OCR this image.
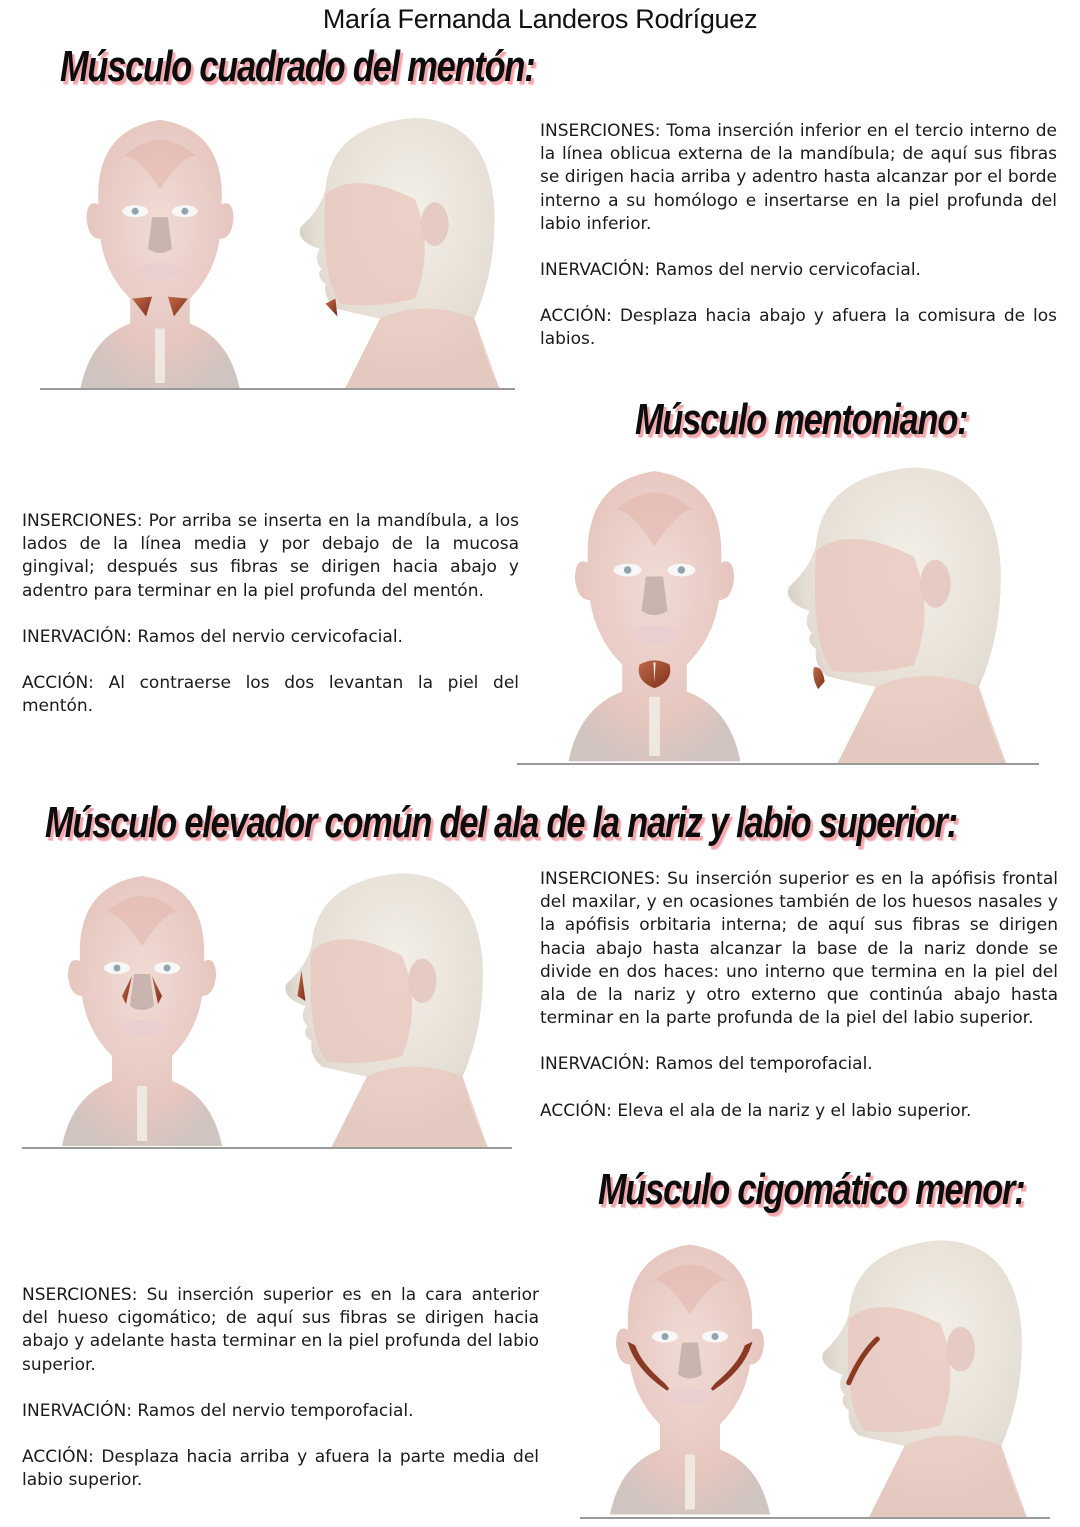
María Fernanda Landeros Rodríguez
Músculo cuadrado del mentón:

INSERCIONES: Toma inserción inferior en el tercio interno de la línea oblicua externa de la mandíbula; de aquí sus fibras se dirigen hacia arriba y adentro hasta alcanzar por el borde interno a su homólogo e insertarse en la piel profunda del labio inferior.

INERVACIÓN: Ramos del nervio cervicofacial.

ACCIÓN: Desplaza hacia abajo y afuera la comisura de los labios.

Músculo mentoniano:

INSERCIONES: Por arriba se inserta en la mandíbula, a los lados de la línea media y por debajo de la mucosa gingival; después sus fibras se dirigen hacia abajo y adentro para terminar en la piel profunda del mentón.

INERVACIÓN: Ramos del nervio cervicofacial.

ACCIÓN: Al contraerse los dos levantan la piel del mentón.

Músculo elevador común del ala de la nariz y labio superior:

INSERCIONES: Su inserción superior es en la apófisis frontal del maxilar, y en ocasiones también de los huesos nasales y la apófisis orbitaria interna; de aquí sus fibras se dirigen hacia abajo hasta alcanzar la base de la nariz donde se divide en dos haces: uno interno que termina en la piel del ala de la nariz y otro externo que continúa abajo hasta terminar en la parte profunda de la piel del labio superior.

INERVACIÓN: Ramos del temporofacial.

ACCIÓN: Eleva el ala de la nariz y el labio superior.

Músculo cigomático menor:

NSERCIONES: Su inserción superior es en la cara anterior del hueso cigomático; de aquí sus fibras se dirigen hacia abajo y adelante hasta terminar en la piel profunda del labio superior.

INERVACIÓN: Ramos del nervio temporofacial.

ACCIÓN: Desplaza hacia arriba y afuera la parte media del labio superior.
